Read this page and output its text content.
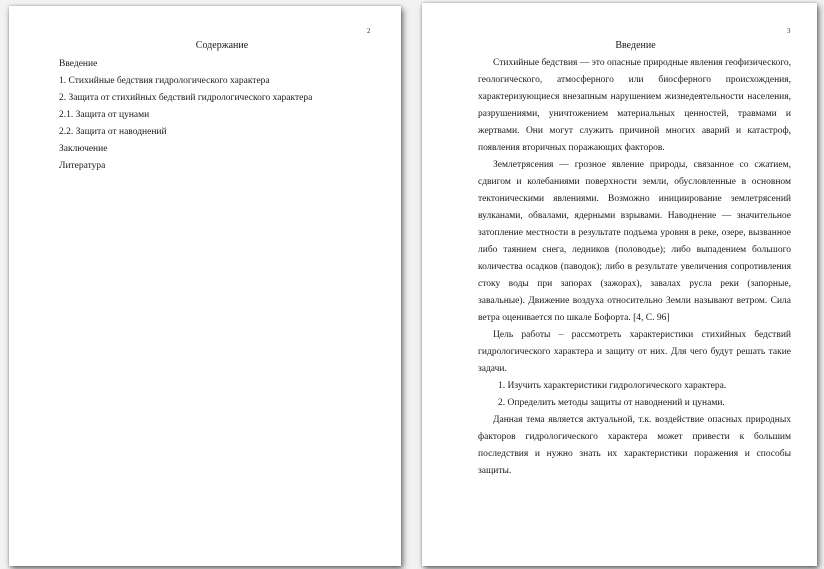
2
Содержание
Введение
1. Стихийные бедствия гидрологического характера
2. Защита от стихийных бедствий гидрологического характера
2.1. Защита от цунами
2.2. Защита от наводнений
Заключение
Литература
3
Введение

Стихийные бедствия — это опасные природные явления геофизического, геологического, атмосферного или биосферного происхождения, характеризующиеся внезапным нарушением жизнедеятельности населения, разрушениями, уничтожением материальных ценностей, травмами и жертвами. Они могут служить причиной многих аварий и катастроф, появления вторичных поражающих факторов.

Землетрясения — грозное явление природы, связанное со сжатием, сдвигом и колебаниями поверхности земли, обусловленные в основном тектоническими явлениями. Возможно инициирование землетрясений вулканами, обвалами, ядерными взрывами. Наводнение — значительное затопление местности в результате подъема уровня в реке, озере, вызванное либо таянием снега, ледников (половодье); либо выпадением большого количества осадков (паводок); либо в результате увеличения сопротивления стоку воды при запорах (зажорах), завалах русла реки (запорные, завальные). Движение воздуха относительно Земли называют ветром. Сила ветра оценивается по шкале Бофорта. [4, С. 96]

Цель работы – рассмотреть характеристики стихийных бедствий гидрологического характера и защиту от них. Для чего будут решать такие задачи.

1. Изучить характеристики гидрологического характера.

2. Определить методы защиты от наводнений и цунами.

Данная тема является актуальной, т.к. воздействие опасных природных факторов гидрологического характера может привести к большим последствия и нужно знать их характеристики поражения и способы защиты.
